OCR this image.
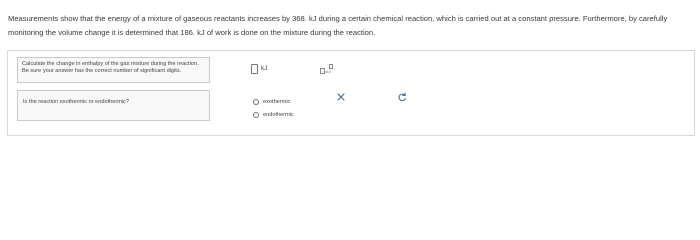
Measurements show that the energy of a mixture of gaseous reactants increases by 368. kJ during a certain chemical reaction, which is carried out at a constant pressure. Furthermore, by carefully monitoring the volume change it is determined that 186. kJ of work is done on the mixture during the reaction.
Calculate the change in enthalpy of the gas mixture during the reaction. Be sure your answer has the correct number of significant digits.	kJ	x10
Is the reaction exothermic or endothermic?	exothermic
endothermic
